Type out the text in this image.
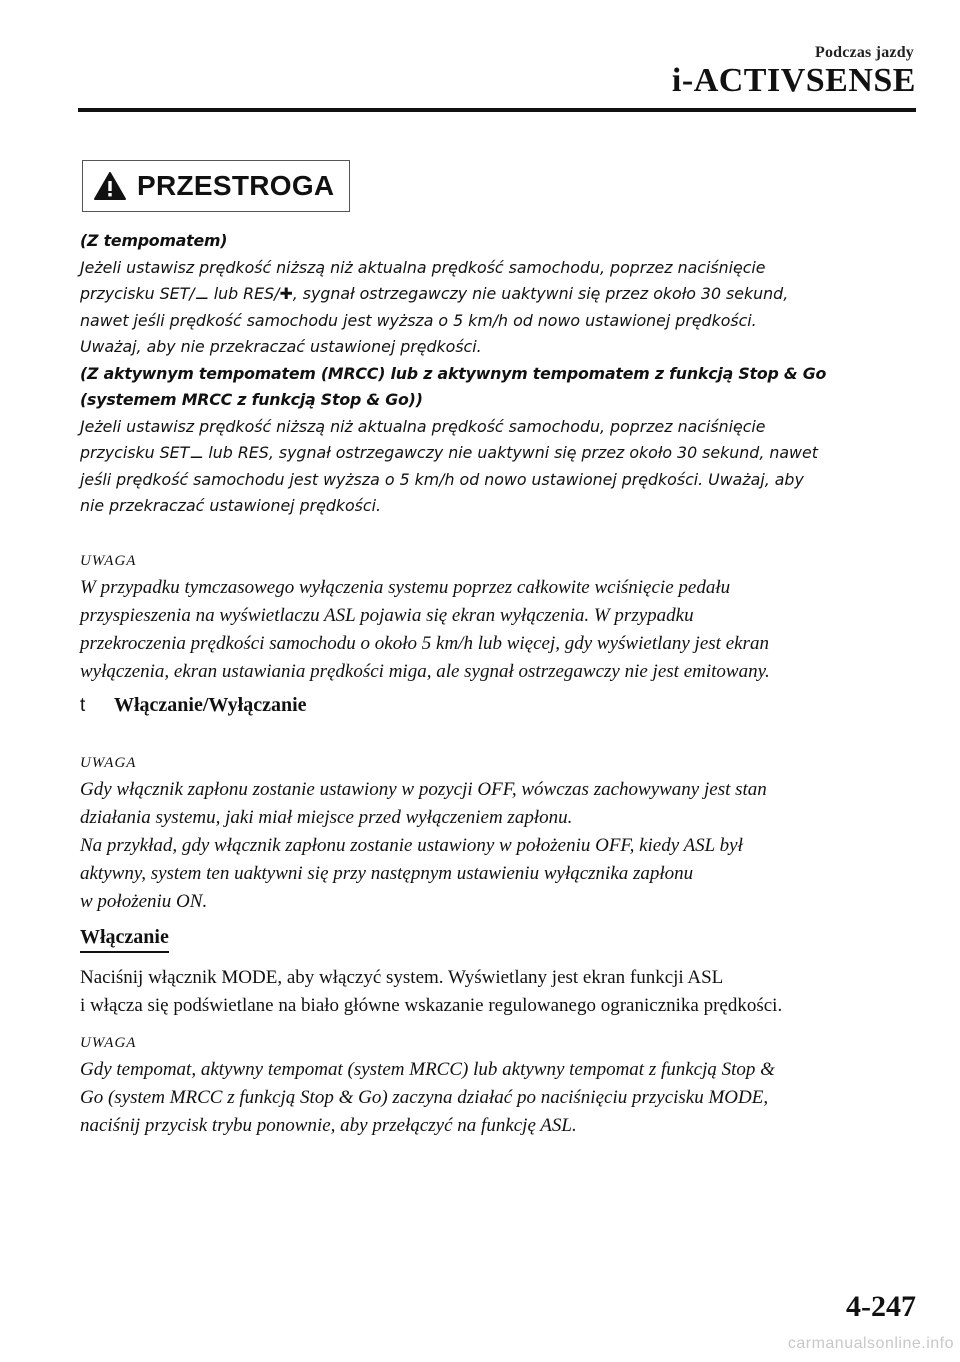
Podczas jazdy
i-ACTIVSENSE
PRZESTROGA

(Z tempomatem)

Jeżeli ustawisz prędkość niższą niż aktualna prędkość samochodu, poprzez naciśnięcie

przycisku SET/⚊ lub RES/✚, sygnał ostrzegawczy nie uaktywni się przez około 30 sekund,

nawet jeśli prędkość samochodu jest wyższa o 5 km/h od nowo ustawionej prędkości.

Uważaj, aby nie przekraczać ustawionej prędkości.

(Z aktywnym tempomatem (MRCC) lub z aktywnym tempomatem z funkcją Stop & Go

(systemem MRCC z funkcją Stop & Go))

Jeżeli ustawisz prędkość niższą niż aktualna prędkość samochodu, poprzez naciśnięcie

przycisku SET⚊ lub RES, sygnał ostrzegawczy nie uaktywni się przez około 30 sekund, nawet

jeśli prędkość samochodu jest wyższa o 5 km/h od nowo ustawionej prędkości. Uważaj, aby

nie przekraczać ustawionej prędkości.

UWAGA

W przypadku tymczasowego wyłączenia systemu poprzez całkowite wciśnięcie pedału

przyspieszenia na wyświetlaczu ASL pojawia się ekran wyłączenia. W przypadku

przekroczenia prędkości samochodu o około 5 km/h lub więcej, gdy wyświetlany jest ekran

wyłączenia, ekran ustawiania prędkości miga, ale sygnał ostrzegawczy nie jest emitowany.

t	Włączanie/Wyłączanie
UWAGA

Gdy włącznik zapłonu zostanie ustawiony w pozycji OFF, wówczas zachowywany jest stan

działania systemu, jaki miał miejsce przed wyłączeniem zapłonu.

Na przykład, gdy włącznik zapłonu zostanie ustawiony w położeniu OFF, kiedy ASL był

aktywny, system ten uaktywni się przy następnym ustawieniu wyłącznika zapłonu

w położeniu ON.

Włączanie

Naciśnij włącznik MODE, aby włączyć system. Wyświetlany jest ekran funkcji ASL

i włącza się podświetlane na biało główne wskazanie regulowanego ogranicznika prędkości.

UWAGA

Gdy tempomat, aktywny tempomat (system MRCC) lub aktywny tempomat z funkcją Stop &

Go (system MRCC z funkcją Stop & Go) zaczyna działać po naciśnięciu przycisku MODE,

naciśnij przycisk trybu ponownie, aby przełączyć na funkcję ASL.

4-247
carmanualsonline.info
